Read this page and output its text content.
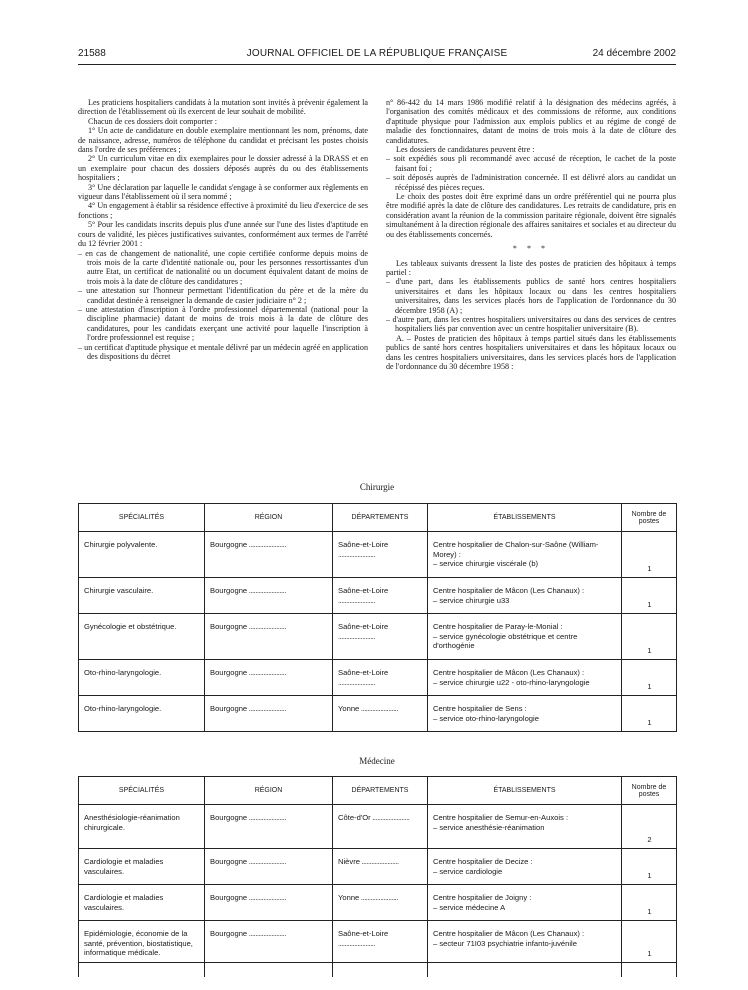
JOURNAL OFFICIEL DE LA RÉPUBLIQUE FRANÇAISE
21588	24 décembre 2002

Les praticiens hospitaliers candidats à la mutation sont invités à prévenir également la direction de l'établissement où ils exercent de leur souhait de mobilité.

Chacun de ces dossiers doit comporter :

1° Un acte de candidature en double exemplaire mentionnant les nom, prénoms, date de naissance, adresse, numéros de téléphone du candidat et précisant les postes choisis dans l'ordre de ses préférences ;

2° Un curriculum vitae en dix exemplaires pour le dossier adressé à la DRASS et en un exemplaire pour chacun des dossiers déposés auprès du ou des établissements hospitaliers ;

3° Une déclaration par laquelle le candidat s'engage à se conformer aux règlements en vigueur dans l'établissement où il sera nommé ;

4° Un engagement à établir sa résidence effective à proximité du lieu d'exercice de ses fonctions ;

5° Pour les candidats inscrits depuis plus d'une année sur l'une des listes d'aptitude en cours de validité, les pièces justificatives suivantes, conformément aux termes de l'arrêté du 12 février 2001 :

– en cas de changement de nationalité, une copie certifiée conforme depuis moins de trois mois de la carte d'identité nationale ou, pour les personnes ressortissantes d'un autre Etat, un certificat de nationalité ou un document équivalent datant de moins de trois mois à la date de clôture des candidatures ;

– une attestation sur l'honneur permettant l'identification du père et de la mère du candidat destinée à renseigner la demande de casier judiciaire n° 2 ;

– une attestation d'inscription à l'ordre professionnel départemental (national pour la discipline pharmacie) datant de moins de trois mois à la date de clôture des candidatures, pour les candidats exerçant une activité pour laquelle l'inscription à l'ordre professionnel est requise ;

– un certificat d'aptitude physique et mentale délivré par un médecin agréé en application des dispositions du décret

n° 86-442 du 14 mars 1986 modifié relatif à la désignation des médecins agréés, à l'organisation des comités médicaux et des commissions de réforme, aux conditions d'aptitude physique pour l'admission aux emplois publics et au régime de congé de maladie des fonctionnaires, datant de moins de trois mois à la date de clôture des candidatures.

Les dossiers de candidatures peuvent être :

– soit expédiés sous pli recommandé avec accusé de réception, le cachet de la poste faisant foi ;

– soit déposés auprès de l'administration concernée. Il est délivré alors au candidat un récépissé des pièces reçues.

Le choix des postes doit être exprimé dans un ordre préférentiel qui ne pourra plus être modifié après la date de clôture des candidatures. Les retraits de candidature, pris en considération avant la réunion de la commission paritaire régionale, doivent être signalés simultanément à la direction régionale des affaires sanitaires et sociales et au directeur du ou des établissements concernés.

* * *

Les tableaux suivants dressent la liste des postes de praticien des hôpitaux à temps partiel :

– d'une part, dans les établissements publics de santé hors centres hospitaliers universitaires et dans les hôpitaux locaux ou dans les centres hospitaliers universitaires, dans les services placés hors de l'application de l'ordonnance du 30 décembre 1958 (A) ;

– d'autre part, dans les centres hospitaliers universitaires ou dans des services de centres hospitaliers liés par convention avec un centre hospitalier universitaire (B).

A. – Postes de praticien des hôpitaux à temps partiel situés dans les établissements publics de santé hors centres hospitaliers universitaires et dans les hôpitaux locaux ou dans les centres hospitaliers universitaires, dans les services placés hors de l'application de l'ordonnance du 30 décembre 1958 :

Chirurgie
SPÉCIALITÉS	RÉGION	DÉPARTEMENTS	ÉTABLISSEMENTS	Nombre de postes
Chirurgie polyvalente.	Bourgogne .....	Saône-et-Loire .....	Centre hospitalier de Chalon-sur-Saône (William-Morey) :
– service chirurgie viscérale (b)	1
Chirurgie vasculaire.	Bourgogne .....	Saône-et-Loire .....	Centre hospitalier de Mâcon (Les Chanaux) :
– service chirurgie u33	1
Gynécologie et obstétrique.	Bourgogne .....	Saône-et-Loire .....	Centre hospitalier de Paray-le-Monial :
– service gynécologie obstétrique et centre d'orthogénie	1
Oto-rhino-laryngologie.	Bourgogne .....	Saône-et-Loire .....	Centre hospitalier de Mâcon (Les Chanaux) :
– service chirurgie u22 - oto-rhino-laryngologie	1
Oto-rhino-laryngologie.	Bourgogne .....	Yonne .....	Centre hospitalier de Sens :
– service oto-rhino-laryngologie	1
Médecine
SPÉCIALITÉS	RÉGION	DÉPARTEMENTS	ÉTABLISSEMENTS	Nombre de postes
Anesthésiologie-réanimation chirurgicale.	Bourgogne .....	Côte-d'Or .....	Centre hospitalier de Semur-en-Auxois :
– service anesthésie-réanimation	2
Cardiologie et maladies vasculaires.	Bourgogne .....	Nièvre .....	Centre hospitalier de Decize :
– service cardiologie	1
Cardiologie et maladies vasculaires.	Bourgogne .....	Yonne .....	Centre hospitalier de Joigny :
– service médecine A	1
Epidémiologie, économie de la santé, prévention, biostatistique, informatique médicale.	Bourgogne .....	Saône-et-Loire .....	Centre hospitalier de Mâcon (Les Chanaux) :
– secteur 71I03 psychiatrie infanto-juvénile	1
